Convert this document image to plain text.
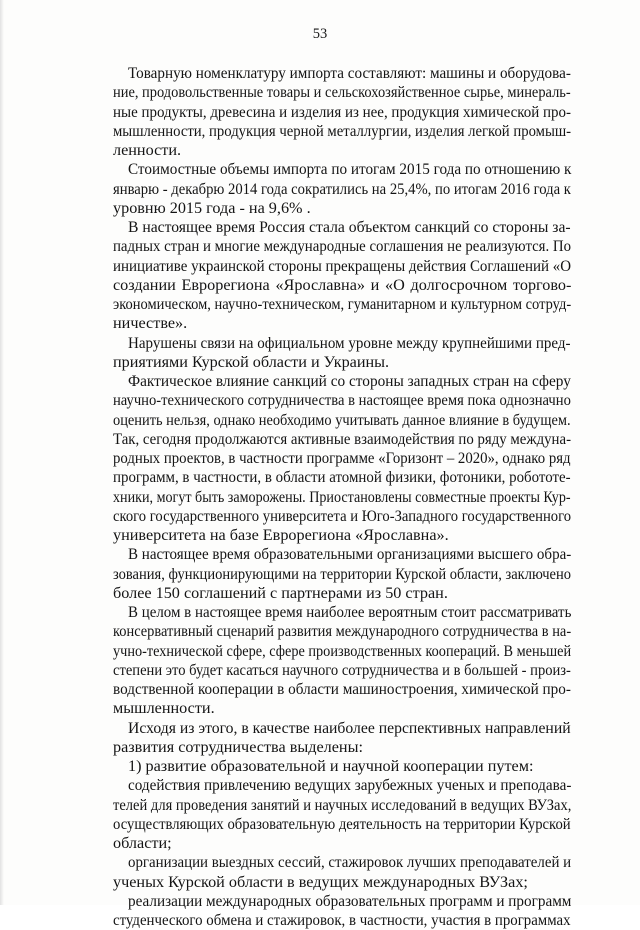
53
Товарную номенклатуру импорта составляют: машины и оборудова-
ние, продовольственные товары и сельскохозяйственное сырье, минераль-
ные продукты, древесина и изделия из нее, продукция химической про-
мышленности, продукция черной металлургии, изделия легкой промыш-
ленности.
Стоимостные объемы импорта по итогам 2015 года по отношению к
январю - декабрю 2014 года сократились на 25,4%, по итогам 2016 года к
уровню 2015 года - на 9,6% .
В настоящее время Россия стала объектом санкций со стороны за-
падных стран и многие международные соглашения не реализуются. По
инициативе украинской стороны прекращены действия Соглашений «О
создании Еврорегиона «Ярославна» и «О долгосрочном торгово-
экономическом, научно-техническом, гуманитарном и культурном сотруд-
ничестве».
Нарушены связи на официальном уровне между крупнейшими пред-
приятиями Курской области и Украины.
Фактическое влияние санкций со стороны западных стран на сферу
научно-технического сотрудничества в настоящее время пока однозначно
оценить нельзя, однако необходимо учитывать данное влияние в будущем.
Так, сегодня продолжаются активные взаимодействия по ряду междуна-
родных проектов, в частности программе «Горизонт – 2020», однако ряд
программ, в частности, в области атомной физики, фотоники, робототе-
хники, могут быть заморожены. Приостановлены совместные проекты Кур-
ского государственного университета и Юго-Западного государственного
университета на базе Еврорегиона «Ярославна».
В настоящее время образовательными организациями высшего обра-
зования, функционирующими на территории Курской области, заключено
более 150 соглашений с партнерами из 50 стран.
В целом в настоящее время наиболее вероятным стоит рассматривать
консервативный сценарий развития международного сотрудничества в на-
учно-технической сфере, сфере производственных коопераций. В меньшей
степени это будет касаться научного сотрудничества и в большей - произ-
водственной кооперации в области машиностроения, химической про-
мышленности.
Исходя из этого, в качестве наиболее перспективных направлений
развития сотрудничества выделены:
1) развитие образовательной и научной кооперации путем:
содействия привлечению ведущих зарубежных ученых и преподава-
телей для проведения занятий и научных исследований в ведущих ВУЗах,
осуществляющих образовательную деятельность на территории Курской
области;
организации выездных сессий, стажировок лучших преподавателей и
ученых Курской области в ведущих международных ВУЗах;
реализации международных образовательных программ и программ
студенческого обмена и стажировок, в частности, участия в программах
